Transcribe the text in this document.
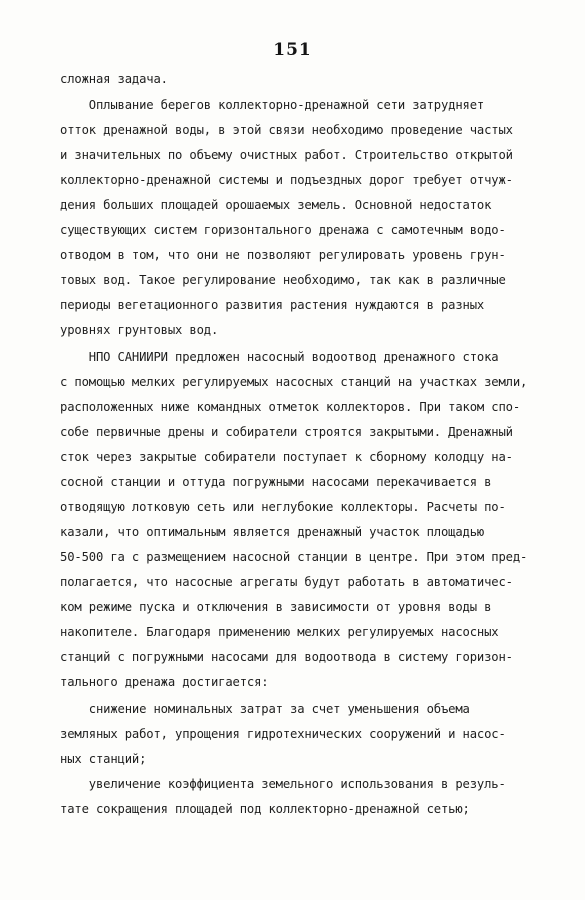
151
сложная задача.
Оплывание берегов коллекторно-дренажной сети затрудняет
отток дренажной воды, в этой связи необходимо проведение частых
и значительных по объему очистных работ. Строительство открытой
коллекторно-дренажной системы и подъездных дорог требует отчуж-
дения больших площадей орошаемых земель. Основной недостаток
существующих систем горизонтального дренажа с самотечным водо-
отводом в том, что они не позволяют регулировать уровень грун-
товых вод. Такое регулирование необходимо, так как в различные
периоды вегетационного развития растения нуждаются в разных
уровнях грунтовых вод.
НПО САНИИРИ предложен насосный водоотвод дренажного стока
с помощью мелких регулируемых насосных станций на участках земли,
расположенных ниже командных отметок коллекторов. При таком спо-
собе первичные дрены и собиратели строятся закрытыми. Дренажный
сток через закрытые собиратели поступает к сборному колодцу на-
сосной станции и оттуда погружными насосами перекачивается в
отводящую лотковую сеть или неглубокие коллекторы. Расчеты по-
казали, что оптимальным является дренажный участок площадью
50-500 га с размещением насосной станции в центре. При этом пред-
полагается, что насосные агрегаты будут работать в автоматичес-
ком режиме пуска и отключения в зависимости от уровня воды в
накопителе. Благодаря применению мелких регулируемых насосных
станций с погружными насосами для водоотвода в систему горизон-
тального дренажа достигается:
снижение номинальных затрат за счет уменьшения объема
земляных работ, упрощения гидротехнических сооружений и насос-
ных станций;
увеличение коэффициента земельного использования в резуль-
тате сокращения площадей под коллекторно-дренажной сетью;
